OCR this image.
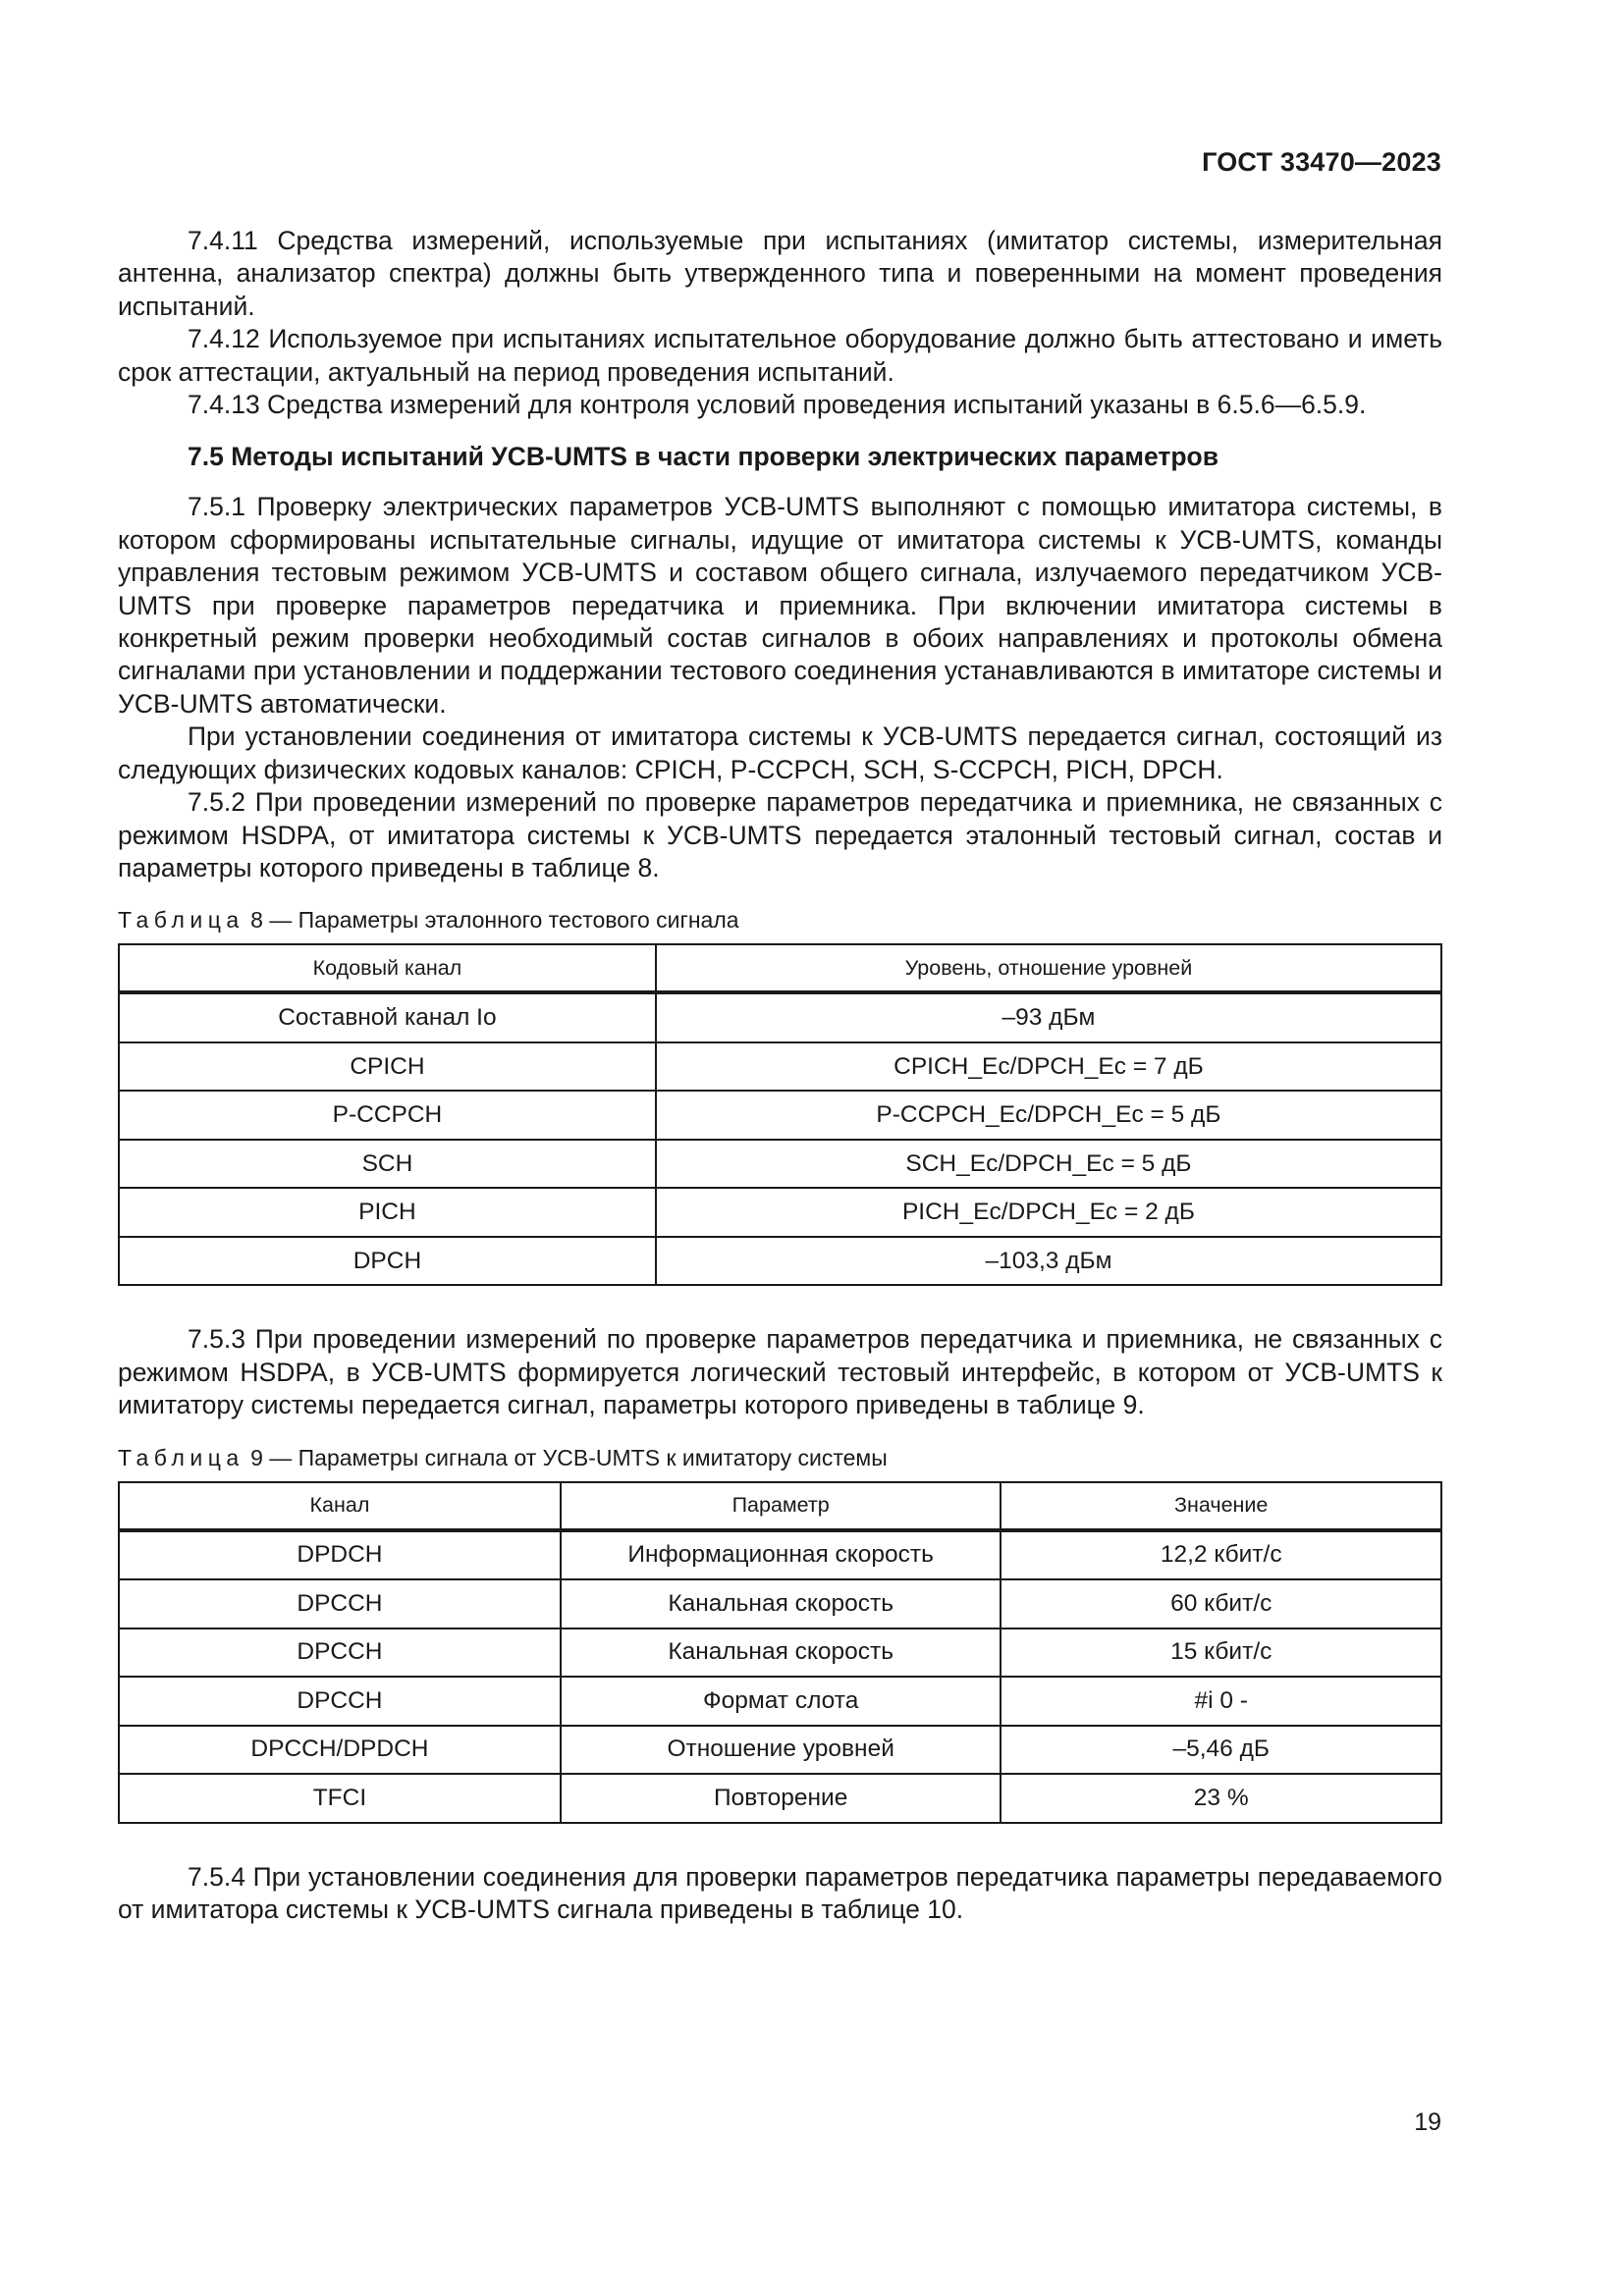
ГОСТ 33470—2023

7.4.11 Средства измерений, используемые при испытаниях (имитатор системы, измерительная антенна, анализатор спектра) должны быть утвержденного типа и поверенными на момент проведения испытаний.

7.4.12 Используемое при испытаниях испытательное оборудование должно быть аттестовано и иметь срок аттестации, актуальный на период проведения испытаний.

7.4.13 Средства измерений для контроля условий проведения испытаний указаны в 6.5.6—6.5.9.

7.5 Методы испытаний УСВ-UMTS в части проверки электрических параметров

7.5.1 Проверку электрических параметров УСВ-UMTS выполняют с помощью имитатора системы, в котором сформированы испытательные сигналы, идущие от имитатора системы к УСВ-UMTS, команды управления тестовым режимом УСВ-UMTS и составом общего сигнала, излучаемого передатчиком УСВ-UMTS при проверке параметров передатчика и приемника. При включении имитатора системы в конкретный режим проверки необходимый состав сигналов в обоих направлениях и протоколы обмена сигналами при установлении и поддержании тестового соединения устанавливаются в имитаторе системы и УСВ-UMTS автоматически.

При установлении соединения от имитатора системы к УСВ-UMTS передается сигнал, состоящий из следующих физических кодовых каналов: CPICH, P-CCPCH, SCH, S-CCPCH, PICH, DPCH.

7.5.2 При проведении измерений по проверке параметров передатчика и приемника, не связанных с режимом HSDPA, от имитатора системы к УСВ-UMTS передается эталонный тестовый сигнал, состав и параметры которого приведены в таблице 8.

Таблица 8 — Параметры эталонного тестового сигнала
Кодовый канал	Уровень, отношение уровней
Составной канал Io	–93 дБм
CPICH	CPICH_Ec/DPCH_Ec = 7 дБ
P-CCPCH	P-CCPCH_Ec/DPCH_Ec = 5 дБ
SCH	SCH_Ec/DPCH_Ec = 5 дБ
PICH	PICH_Ec/DPCH_Ec = 2 дБ
DPCH	–103,3 дБм

7.5.3 При проведении измерений по проверке параметров передатчика и приемника, не связанных с режимом HSDPA, в УСВ-UMTS формируется логический тестовый интерфейс, в котором от УСВ-UMTS к имитатору системы передается сигнал, параметры которого приведены в таблице 9.

Таблица 9 — Параметры сигнала от УСВ-UMTS к имитатору системы
Канал	Параметр	Значение
DPDCH	Информационная скорость	12,2 кбит/с
DPCCH	Канальная скорость	60 кбит/с
DPCCH	Канальная скорость	15 кбит/с
DPCCH	Формат слота	#i 0 -
DPCCH/DPDCH	Отношение уровней	–5,46 дБ
TFCI	Повторение	23 %

7.5.4 При установлении соединения для проверки параметров передатчика параметры передаваемого от имитатора системы к УСВ-UMTS сигнала приведены в таблице 10.

19
